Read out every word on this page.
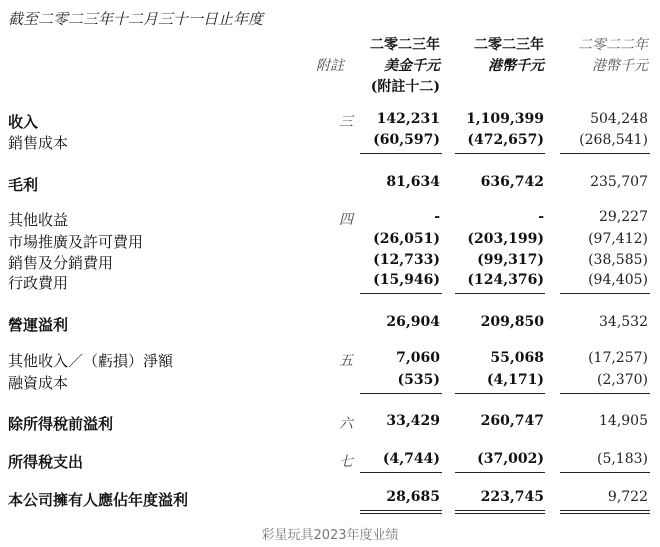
截至二零二三年十二月三十一日止年度
二零二三年	二零二三年	二零二二年
附註	美金千元	港幣千元	港幣千元
(附註十二)
收入	三	142,231	1,109,399	504,248
銷售成本	(60,597)	(472,657)	(268,541)
毛利	81,634	636,742	235,707
其他收益	四	-	-	29,227
市場推廣及許可費用	(26,051)	(203,199)	(97,412)
銷售及分銷費用	(12,733)	(99,317)	(38,585)
行政費用	(15,946)	(124,376)	(94,405)
營運溢利	26,904	209,850	34,532
其他收入／（虧損）淨額	五	7,060	55,068	(17,257)
融資成本	(535)	(4,171)	(2,370)
除所得稅前溢利	六	33,429	260,747	14,905
所得稅支出	七	(4,744)	(37,002)	(5,183)
本公司擁有人應佔年度溢利	28,685	223,745	9,722
彩星玩具2023年度业绩
